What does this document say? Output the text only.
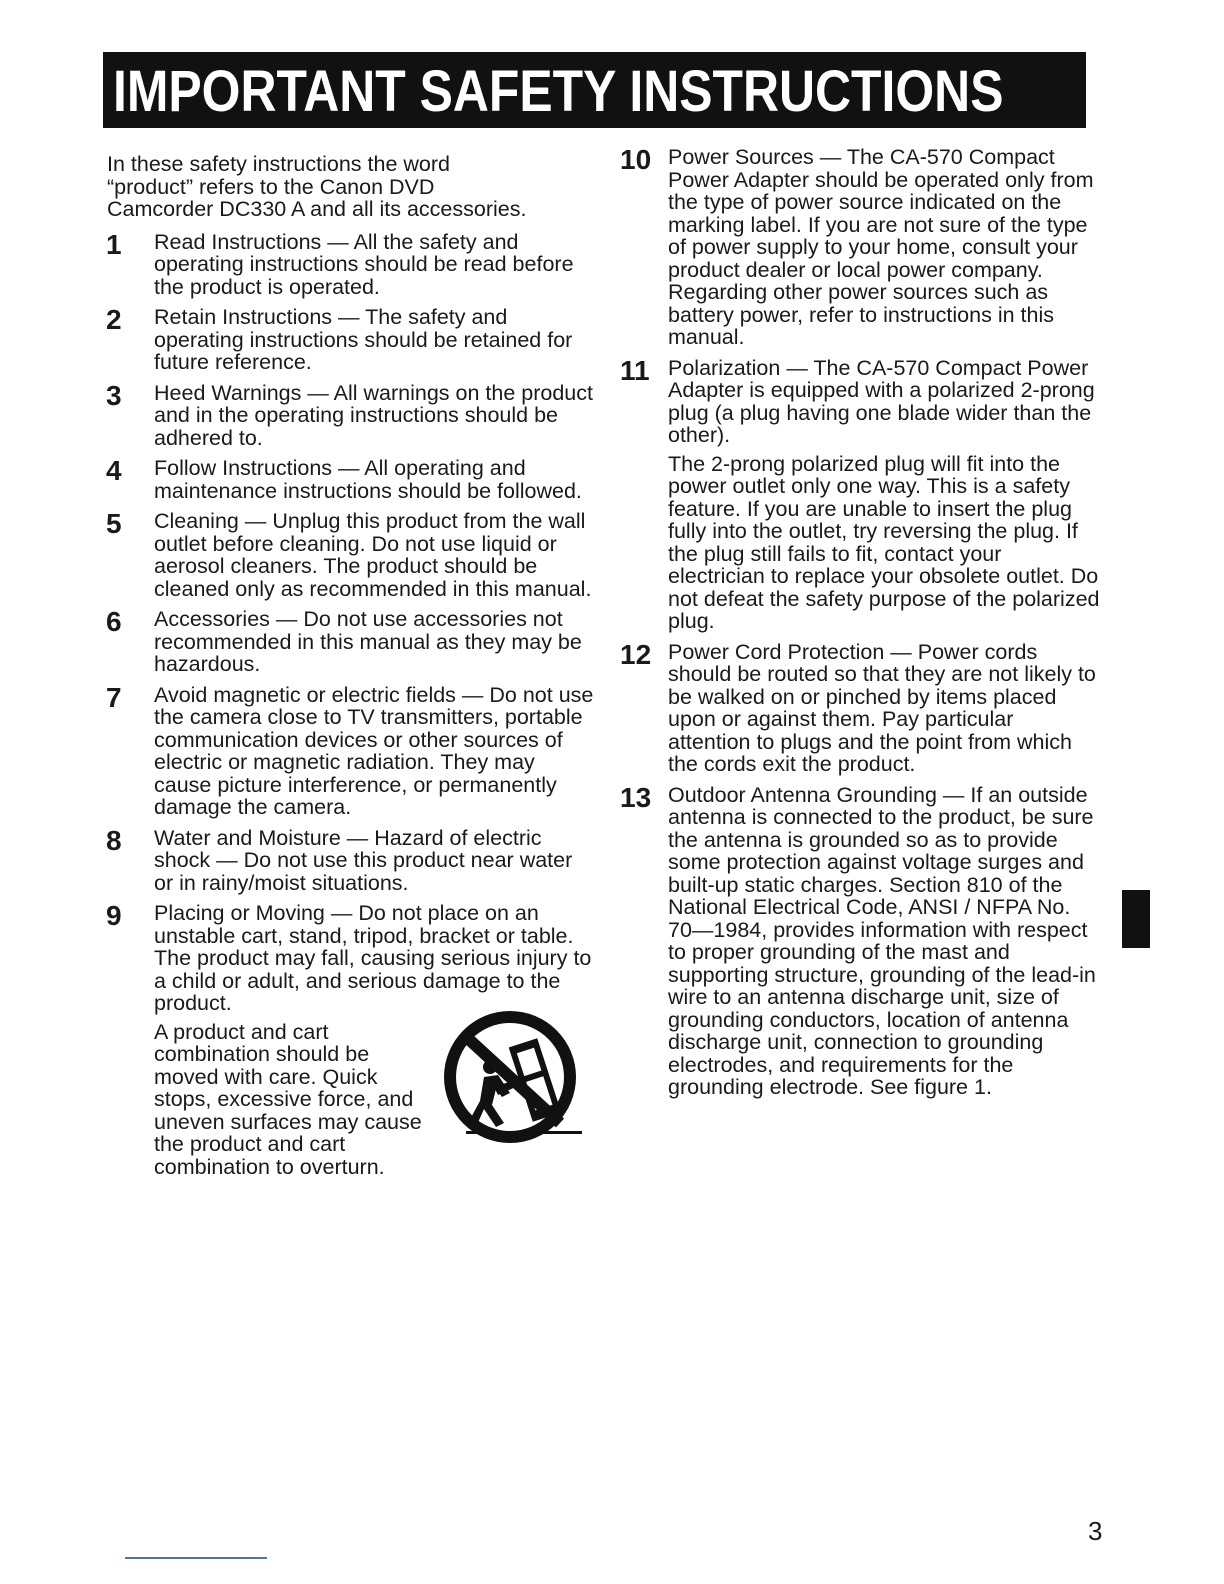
IMPORTANT SAFETY INSTRUCTIONS
In these safety instructions the word
“product” refers to the Canon DVD
Camcorder DC330 A and all its accessories.
1	Read Instructions — All the safety and operating instructions should be read before the product is operated.

2	Retain Instructions — The safety and operating instructions should be retained for future reference.

3	Heed Warnings — All warnings on the product and in the operating instructions should be adhered to.

4	Follow Instructions — All operating and maintenance instructions should be followed.

5	Cleaning — Unplug this product from the wall outlet before cleaning. Do not use liquid or aerosol cleaners. The product should be cleaned only as recommended in this manual.

6	Accessories — Do not use accessories not recommended in this manual as they may be hazardous.

7	Avoid magnetic or electric fields — Do not use the camera close to TV transmitters, portable communication devices or other sources of electric or magnetic radiation. They may cause picture interference, or permanently damage the camera.

8	Water and Moisture — Hazard of electric shock — Do not use this product near water or in rainy/moist situations.

9	Placing or Moving — Do not place on an unstable cart, stand, tripod, bracket or table. The product may fall, causing serious injury to a child or adult, and serious damage to the product.

A product and cart combination should be moved with care. Quick stops, excessive force, and uneven surfaces may cause the product and cart combination to overturn.

10 Power Sources — The CA-570 Compact Power Adapter should be operated only from the type of power source indicated on the marking label. If you are not sure of the type of power supply to your home, consult your product dealer or local power company. Regarding other power sources such as battery power, refer to instructions in this manual.

11 Polarization — The CA-570 Compact Power Adapter is equipped with a polarized 2-prong plug (a plug having one blade wider than the other).

The 2-prong polarized plug will fit into the power outlet only one way. This is a safety feature. If you are unable to insert the plug fully into the outlet, try reversing the plug. If the plug still fails to fit, contact your electrician to replace your obsolete outlet. Do not defeat the safety purpose of the polarized plug.

12 Power Cord Protection — Power cords should be routed so that they are not likely to be walked on or pinched by items placed upon or against them. Pay particular attention to plugs and the point from which the cords exit the product.

13 Outdoor Antenna Grounding — If an outside antenna is connected to the product, be sure the antenna is grounded so as to provide some protection against voltage surges and built-up static charges. Section 810 of the National Electrical Code, ANSI / NFPA No. 70—1984, provides information with respect to proper grounding of the mast and supporting structure, grounding of the lead-in wire to an antenna discharge unit, size of grounding conductors, location of antenna discharge unit, connection to grounding electrodes, and requirements for the grounding electrode. See figure 1.

3
